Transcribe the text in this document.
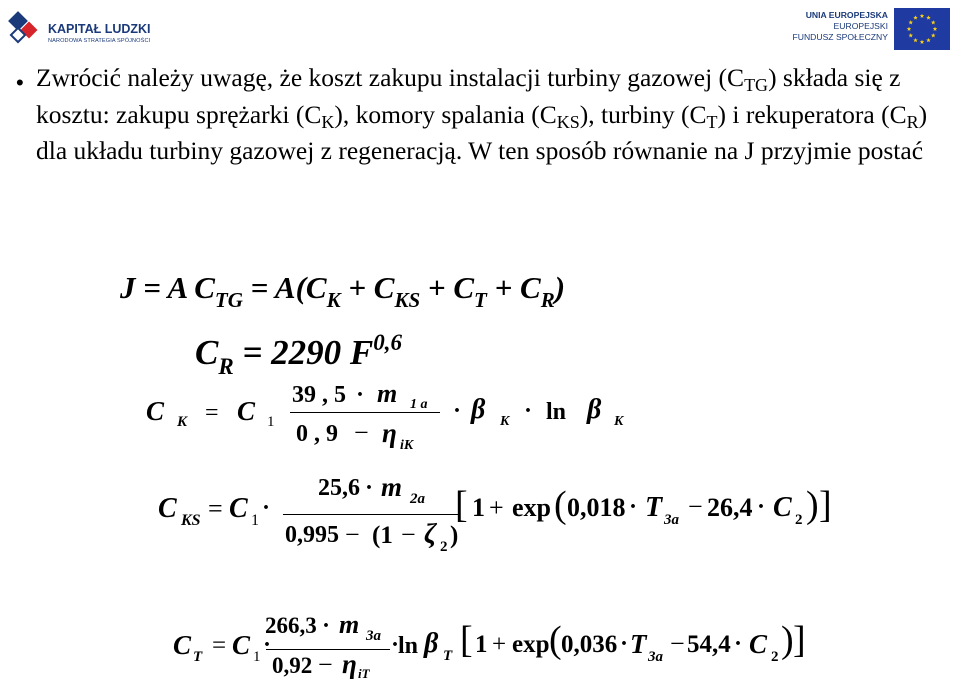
KAPITAŁ LUDZKI
NARODOWA STRATEGIA SPÓJNOŚCI
UNIA EUROPEJSKA
EUROPEJSKI
FUNDUSZ SPOŁECZNY
• Zwrócić należy uwagę, że koszt zakupu instalacji turbiny gazowej $(C_{TG})$ składa się z kosztu: zakupu sprężarki $(C_K)$, komory spalania $(C_{KS})$, turbiny $(C_T)$ i rekuperatora $(C_R)$ dla układu turbiny gazowej z regeneracją. W ten sposób równanie na J przyjmie postać
J = A $C_{TG} = A(C_K + C_{KS} + C_T + C_R)$
$C_R = 2290$ F$^{0,6}$
C K = C 1
39 , 5 · m 1 a
0 , 9 − η iK
· β K · ln β K
C KS = C 1 ·
25,6 · m 2a
0,995 − (1 − ζ 2 )
[ 1 + exp ( 0,018 · T 3a − 26,4 · C 2 ) ]
C T = C 1 ·
266,3 · m 3a
0,92 − η iT
·
ln β T [ 1 + exp ( 0,036 · T 3a − 54,4 · C 2 ) ]
